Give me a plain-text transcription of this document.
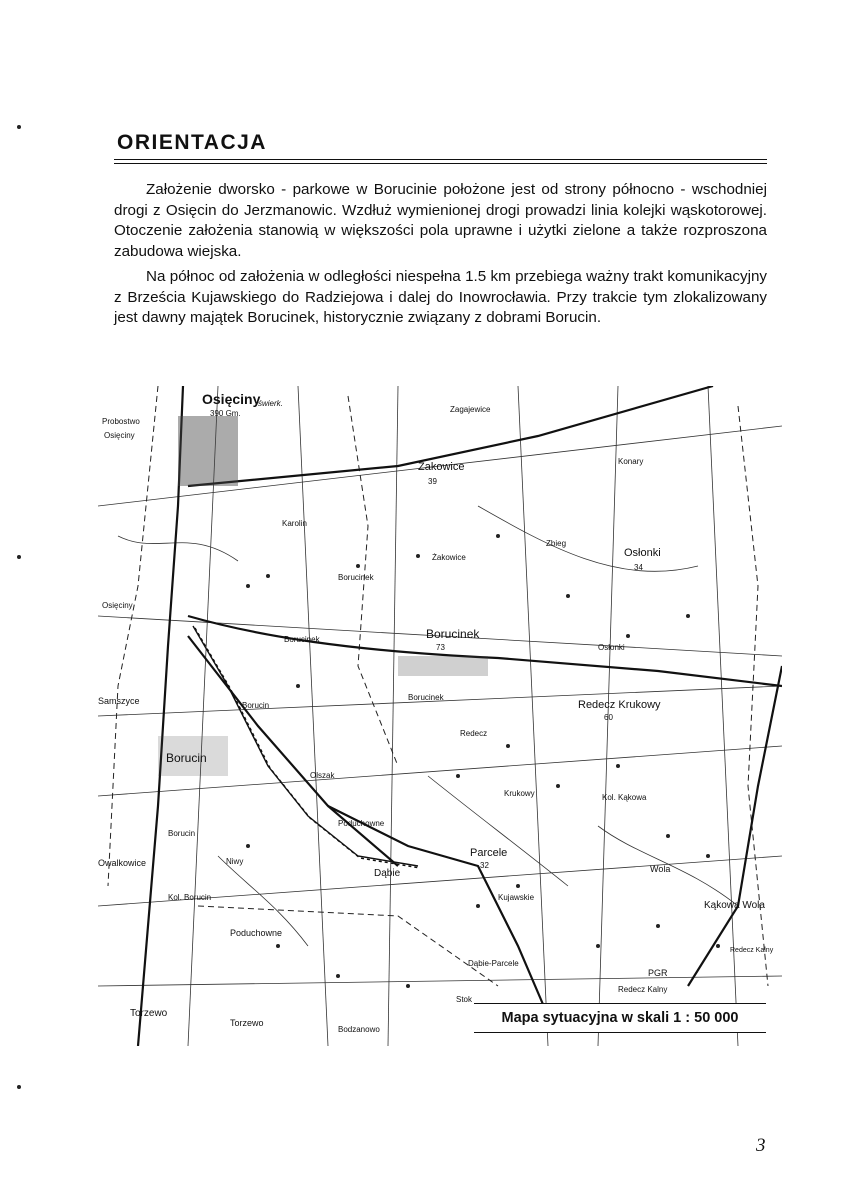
ORIENTACJA

Założenie dworsko - parkowe w Borucinie położone jest od strony północno - wschodniej drogi z Osięcin do Jerzmanowic. Wzdłuż wymienionej drogi prowadzi linia kolejki wąskotorowej. Otoczenie założenia stanowią w większości pola uprawne i użytki zielone a także rozproszona zabudowa wiejska.

Na północ od założenia w odległości niespełna 1.5 km przebiega ważny trakt komunikacyjny z Brześcia Kujawskiego do Radziejowa i dalej do Inowrocławia. Przy trakcie tym zlokalizowany jest dawny majątek Borucinek, historycznie związany z dobrami Borucin.

Osięciny
390 Gm.
świerk.
Probostwo
Osięciny
Zagajewice
Żakowice
39
Konary
Karolin
Borucinek
Żakowice
Zbieg
Osłonki
34
Osięciny
Borucinek	Borucinek
73	Osłonki
Samszyce	Borucin
Borucinek
Redecz Krukowy
60
Redecz
Borucin
Olszak
Krukowy	Kol. Kąkowa
Borucin
Poduchowne
Parcele
32
Owalkowice	Niwy
Dąbie	Wola
Kol. Borucin	Kujawskie
Kąkowa Wola
Poduchowne
Redecz Kalny
Dąbie-Parcele
PGR
Redecz Kalny
Torzewo
Torzewo
Bodzanowo
Stok
Mapa sytuacyjna w skali 1 : 50 000
3
